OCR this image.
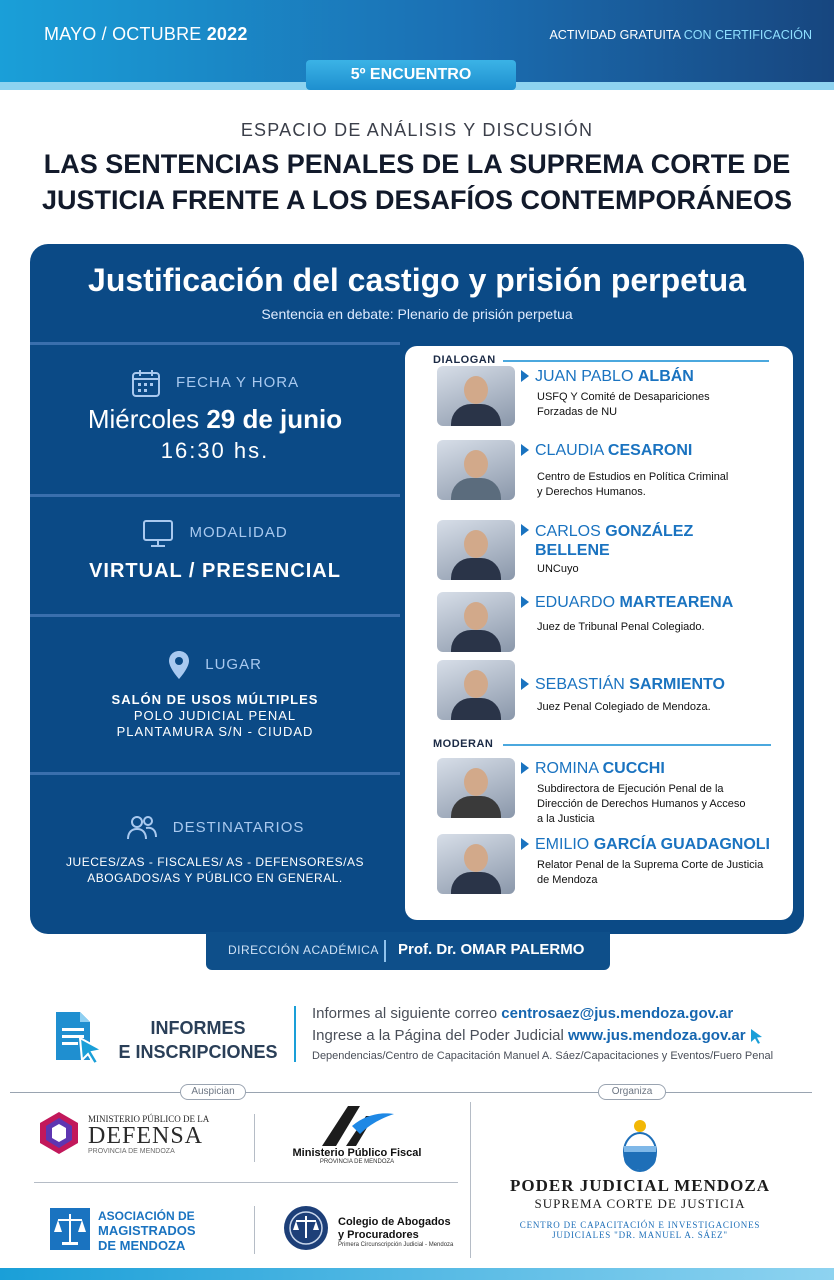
MAYO / OCTUBRE 2022	ACTIVIDAD GRATUITA CON CERTIFICACIÓN
5º ENCUENTRO
ESPACIO DE ANÁLISIS Y DISCUSIÓN
LAS SENTENCIAS PENALES DE LA SUPREMA CORTE DE
JUSTICIA FRENTE A LOS DESAFÍOS CONTEMPORÁNEOS
Justificación del castigo y prisión perpetua
Sentencia en debate: Plenario de prisión perpetua
FECHA Y HORA
Miércoles 29 de junio
16:30 hs.
MODALIDAD
VIRTUAL / PRESENCIAL
LUGAR
SALÓN DE USOS MÚLTIPLES
POLO JUDICIAL PENAL
PLANTAMURA S/N - CIUDAD
DESTINATARIOS
JUECES/ZAS - FISCALES/ AS - DEFENSORES/AS
ABOGADOS/AS Y PÚBLICO EN GENERAL.
DIALOGAN
JUAN PABLO ALBÁN
USFQ Y Comité de Desapariciones
Forzadas de NU
CLAUDIA CESARONI
Centro de Estudios en Política Criminal
y Derechos Humanos.
CARLOS GONZÁLEZ
BELLENE
UNCuyo
EDUARDO MARTEARENA
Juez de Tribunal Penal Colegiado.
SEBASTIÁN SARMIENTO
Juez Penal Colegiado de Mendoza.
MODERAN
ROMINA CUCCHI
Subdirectora de Ejecución Penal de la
Dirección de Derechos Humanos y Acceso
a la Justicia
EMILIO GARCÍA GUADAGNOLI
Relator Penal de la Suprema Corte de Justicia
de Mendoza
DIRECCIÓN ACADÉMICA Prof. Dr. OMAR PALERMO
INFORMES
E INSCRIPCIONES
Informes al siguiente correo centrosaez@jus.mendoza.gov.ar
Ingrese a la Página del Poder Judicial www.jus.mendoza.gov.ar
Dependencias/Centro de Capacitación Manuel A. Sáez/Capacitaciones y Eventos/Fuero Penal
Auspician	Organiza
MINISTERIO PÚBLICO DE LA
DEFENSA
PROVINCIA DE MENDOZA	Ministerio Público Fiscal
PROVINCIA DE MENDOZA
ASOCIACIÓN DE
MAGISTRADOS
DE MENDOZA
Colegio de Abogados
y Procuradores
Primera Circunscripción Judicial - Mendoza
PODER JUDICIAL MENDOZA
SUPREMA CORTE DE JUSTICIA
CENTRO DE CAPACITACIÓN E INVESTIGACIONES
JUDICIALES "DR. MANUEL A. SÁEZ"
